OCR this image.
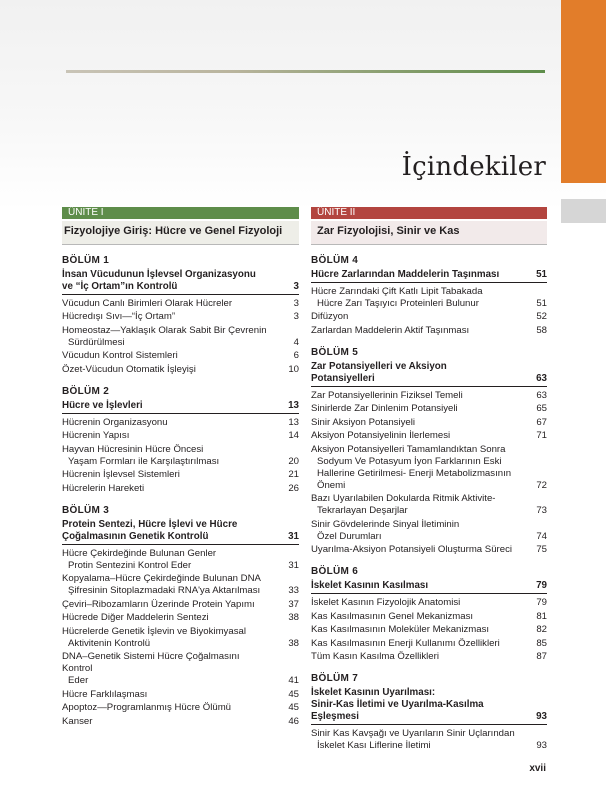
İçindekiler
ÜNİTE I
Fizyolojiye Giriş: Hücre ve Genel Fizyoloji
BÖLÜM 1
İnsan Vücudunun İşlevsel Organizasyonu
ve “İç Ortam”ın Kontrolü	3
Vücudun Canlı Birimleri Olarak Hücreler	3
Hücredışı Sıvı—“İç Ortam”	3
Homeostaz—Yaklaşık Olarak Sabit Bir Çevrenin
Sürdürülmesi	4
Vücudun Kontrol Sistemleri	6
Özet-Vücudun Otomatik İşleyişi	10
BÖLÜM 2
Hücre ve İşlevleri	13
Hücrenin Organizasyonu	13
Hücrenin Yapısı	14
Hayvan Hücresinin Hücre Öncesi
Yaşam Formları ile Karşılaştırılması	20
Hücrenin İşlevsel Sistemleri	21
Hücrelerin Hareketi	26
BÖLÜM 3
Protein Sentezi, Hücre İşlevi ve Hücre
Çoğalmasının Genetik Kontrolü	31
Hücre Çekirdeğinde Bulunan Genler
Protin Sentezini Kontrol Eder	31
Kopyalama–Hücre Çekirdeğinde Bulunan DNA
Şifresinin Sitoplazmadaki RNA'ya Aktarılması	33
Çeviri–Ribozamların Üzerinde Protein Yapımı	37
Hücrede Diğer Maddelerin Sentezi	38
Hücrelerde Genetik İşlevin ve Biyokimyasal
Aktivitenin Kontrolü	38
DNA–Genetik Sistemi Hücre Çoğalmasını Kontrol
Eder	41
Hücre Farklılaşması	45
Apoptoz—Programlanmış Hücre Ölümü	45
Kanser	46
ÜNİTE II
Zar Fizyolojisi, Sinir ve Kas
BÖLÜM 4
Hücre Zarlarından Maddelerin Taşınması	51
Hücre Zarındaki Çift Katlı Lipit Tabakada
Hücre Zarı Taşıyıcı Proteinleri Bulunur	51
Difüzyon	52
Zarlardan Maddelerin Aktif Taşınması	58
BÖLÜM 5
Zar Potansiyelleri ve Aksiyon
Potansiyelleri	63
Zar Potansiyellerinin Fiziksel Temeli	63
Sinirlerde Zar Dinlenim Potansiyeli	65
Sinir Aksiyon Potansiyeli	67
Aksiyon Potansiyelinin İlerlemesi	71
Aksiyon Potansiyelleri Tamamlandıktan Sonra
Sodyum Ve Potasyum İyon Farklarının Eski
Hallerine Getirilmesi- Enerji Metabolizmasının
Önemi	72
Bazı Uyarılabilen Dokularda Ritmik Aktivite-
Tekrarlayan Deşarjlar	73
Sinir Gövdelerinde Sinyal İletiminin
Özel Durumları	74
Uyarılma-Aksiyon Potansiyeli Oluşturma Süreci	75
BÖLÜM 6
İskelet Kasının Kasılması	79
İskelet Kasının Fizyolojik Anatomisi	79
Kas Kasılmasının Genel Mekanizması	81
Kas Kasılmasının Moleküler Mekanizması	82
Kas Kasılmasının Enerji Kullanımı Özellikleri	85
Tüm Kasın Kasılma Özellikleri	87
BÖLÜM 7
İskelet Kasının Uyarılması:
Sinir-Kas İletimi ve Uyarılma-Kasılma
Eşleşmesi	93
Sinir Kas Kavşağı ve Uyarıların Sinir Uçlarından
İskelet Kası Liflerine İletimi	93
xvii
